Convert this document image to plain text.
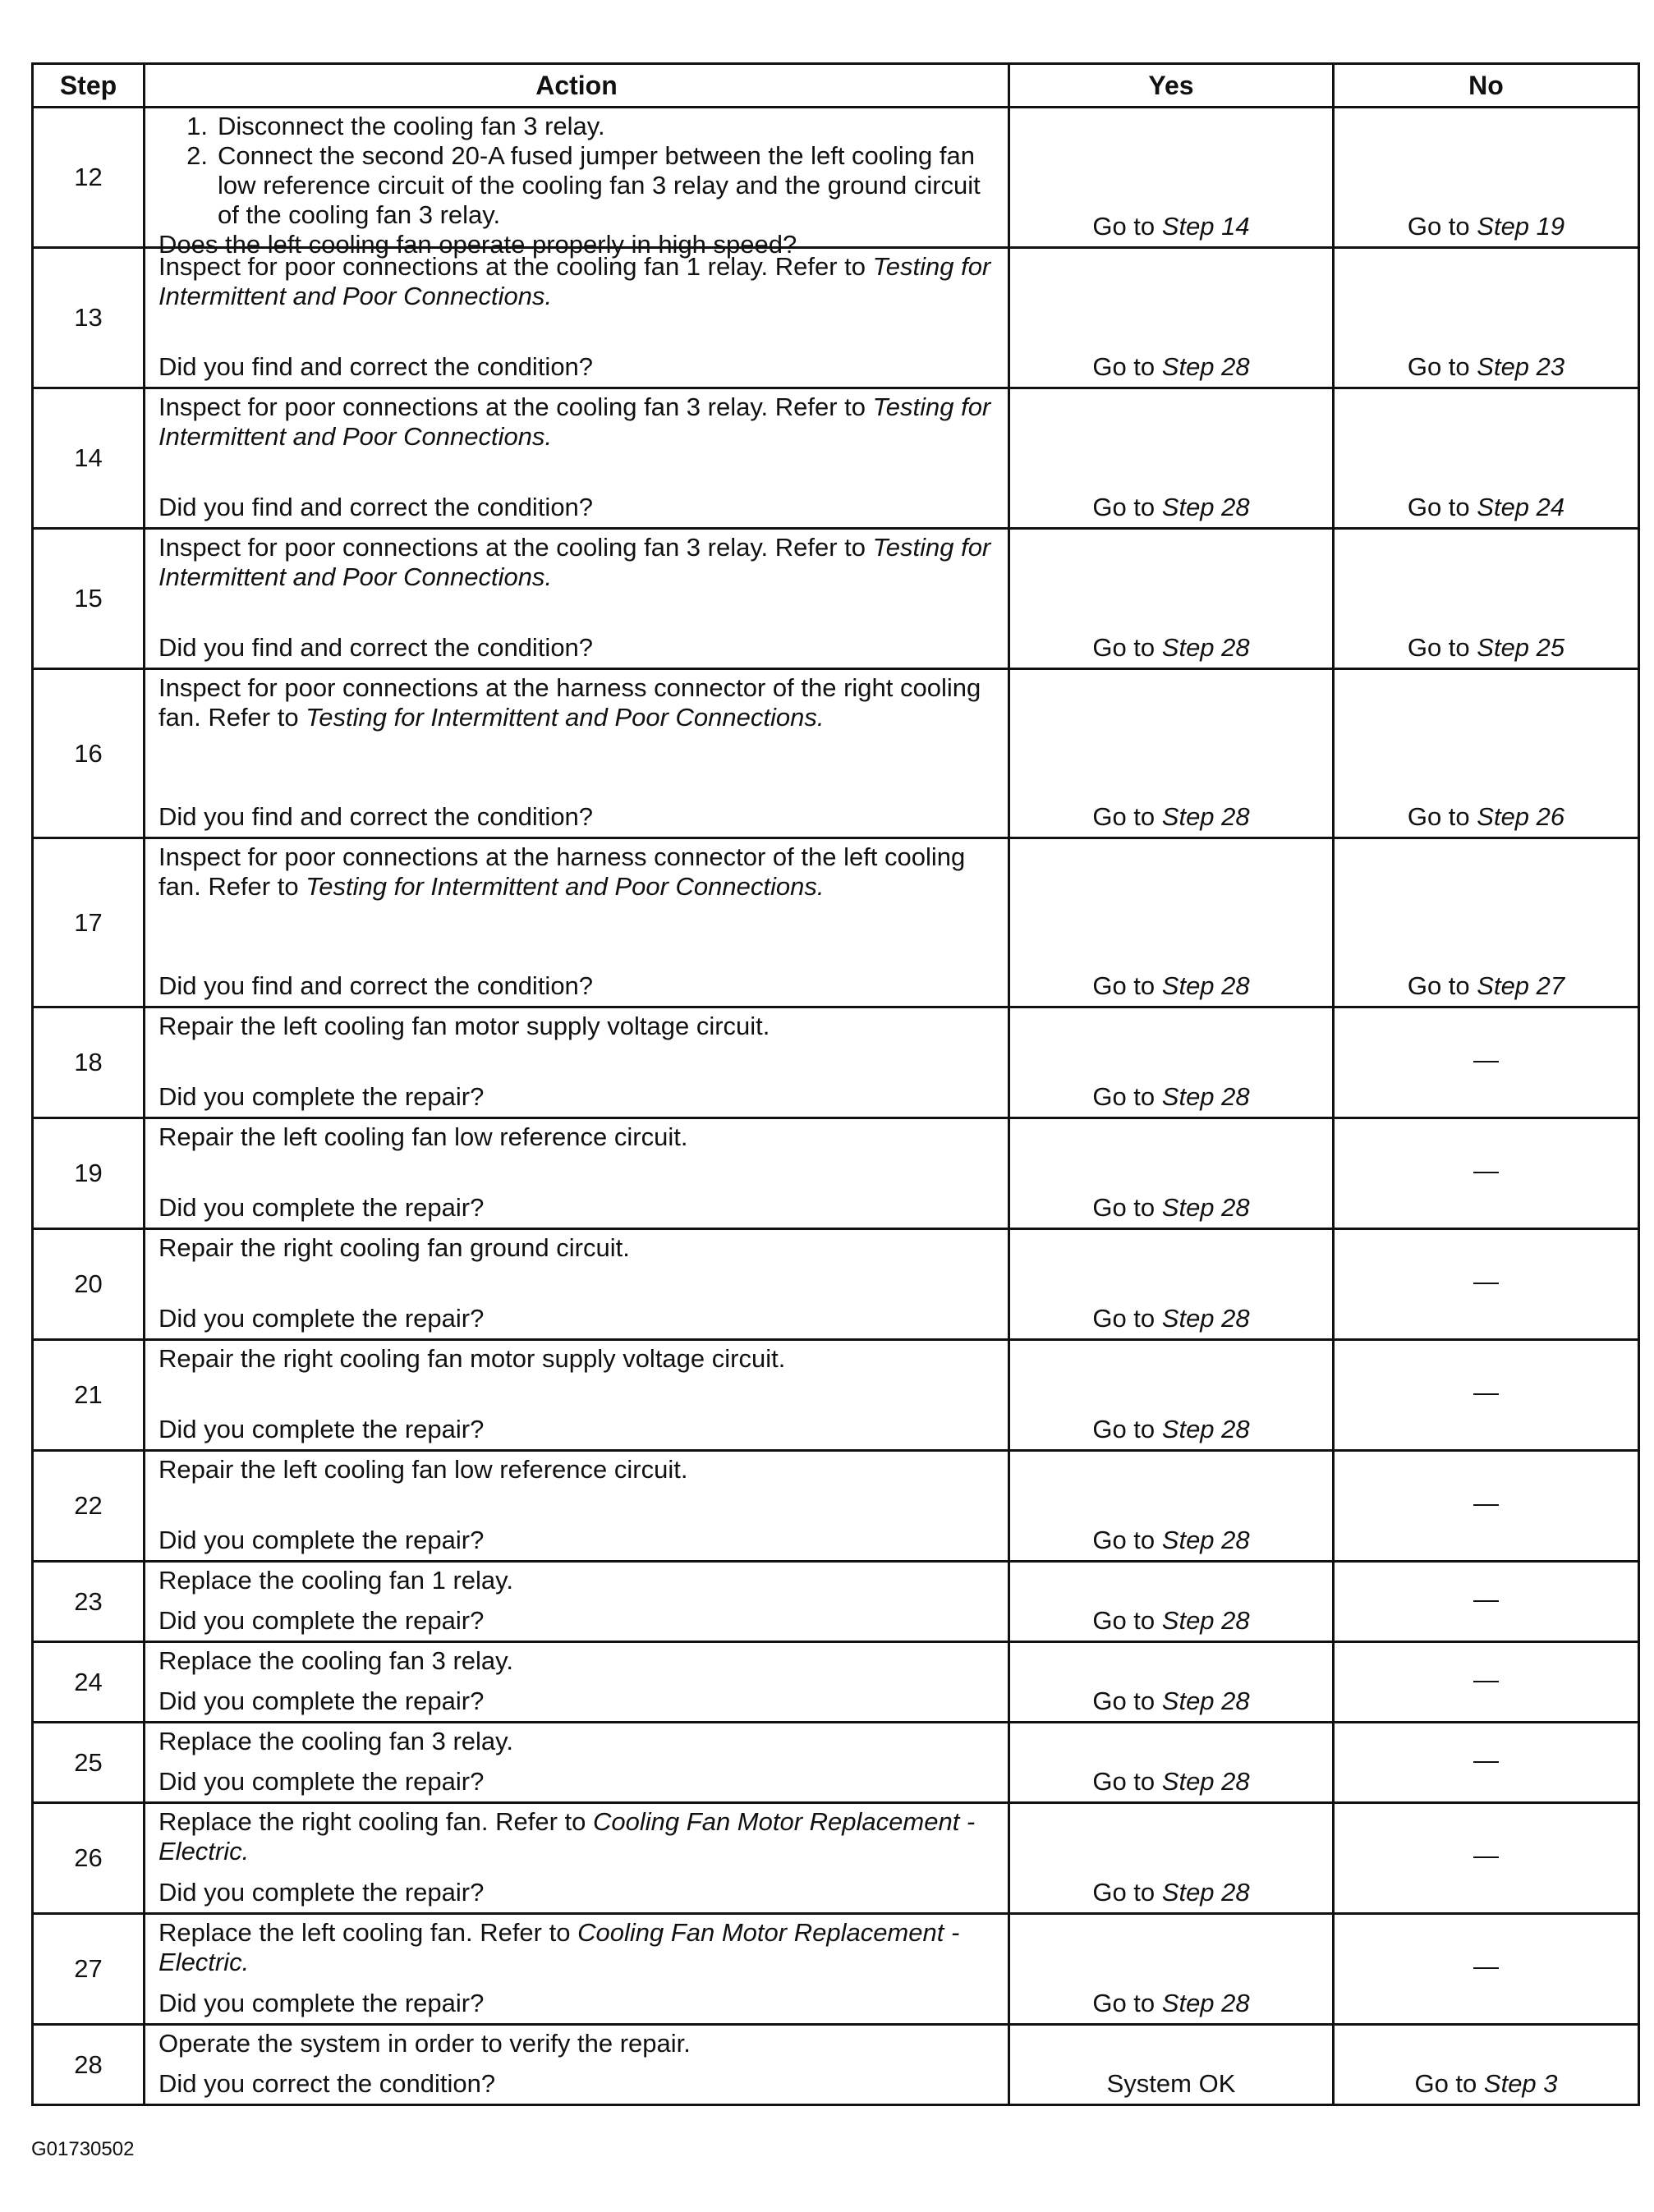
Step	Action	Yes	No
12	1. Disconnect the cooling fan 3 relay.
2. Connect the second 20-A fused jumper between the left cooling fan low reference circuit of the cooling fan 3 relay and the ground circuit of the cooling fan 3 relay.
Does the left cooling fan operate properly in high speed?	Go to Step 14	Go to Step 19
13	Inspect for poor connections at the cooling fan 1 relay. Refer to Testing for Intermittent and Poor Connections.
Did you find and correct the condition?	Go to Step 28	Go to Step 23
14	Inspect for poor connections at the cooling fan 3 relay. Refer to Testing for Intermittent and Poor Connections.
Did you find and correct the condition?	Go to Step 28	Go to Step 24
15	Inspect for poor connections at the cooling fan 3 relay. Refer to Testing for Intermittent and Poor Connections.
Did you find and correct the condition?	Go to Step 28	Go to Step 25
16	Inspect for poor connections at the harness connector of the right cooling fan. Refer to Testing for Intermittent and Poor Connections.
Did you find and correct the condition?	Go to Step 28	Go to Step 26
17	Inspect for poor connections at the harness connector of the left cooling fan. Refer to Testing for Intermittent and Poor Connections.
Did you find and correct the condition?	Go to Step 28	Go to Step 27
18	Repair the left cooling fan motor supply voltage circuit.
Did you complete the repair?	Go to Step 28	—
19	Repair the left cooling fan low reference circuit.
Did you complete the repair?	Go to Step 28	—
20	Repair the right cooling fan ground circuit.
Did you complete the repair?	Go to Step 28	—
21	Repair the right cooling fan motor supply voltage circuit.
Did you complete the repair?	Go to Step 28	—
22	Repair the left cooling fan low reference circuit.
Did you complete the repair?	Go to Step 28	—
23	Replace the cooling fan 1 relay.
Did you complete the repair?	Go to Step 28	—
24	Replace the cooling fan 3 relay.
Did you complete the repair?	Go to Step 28	—
25	Replace the cooling fan 3 relay.
Did you complete the repair?	Go to Step 28	—
26	Replace the right cooling fan. Refer to Cooling Fan Motor Replacement - Electric.
Did you complete the repair?	Go to Step 28	—
27	Replace the left cooling fan. Refer to Cooling Fan Motor Replacement - Electric.
Did you complete the repair?	Go to Step 28	—
28	Operate the system in order to verify the repair.
Did you correct the condition?	System OK	Go to Step 3
G01730502
